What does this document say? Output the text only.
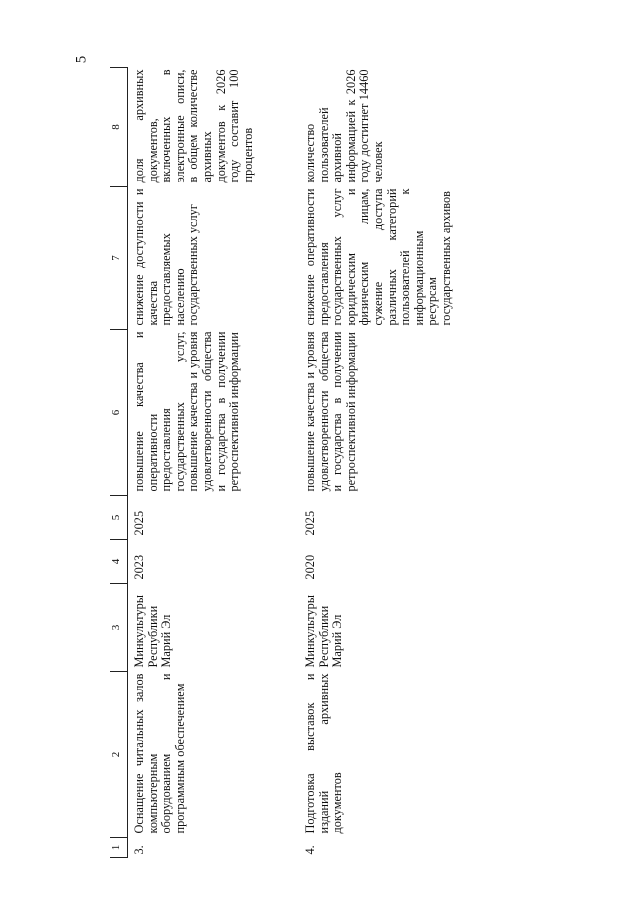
5
1	2	3	4	5	6	7	8
3.	Оснащение читальных залов компьютерным оборудованием и программным обеспечением	Минкультуры Республики Марий Эл	2023	2025	повышение качества и оперативности предоставления государственных услуг, повышение качества и уровня удовлетворенности общества и государства в получении ретроспективной информации	снижение доступности и качества предоставляемых населению государственных услуг	доля архивных документов, включенных в электронные описи, в общем количестве архивных документов к 2026 году составит 100 процентов
4.	Подготовка выставок и изданий архивных документов	Минкультуры Республики Марий Эл	2020	2025	повышение качества и уровня удовлетворенности общества и государства в получении ретроспективной информации	снижение оперативности предоставления государственных услуг юридическим и физическим лицам, сужение доступа различных категорий пользователей к информационным ресурсам государственных архивов	количество пользователей архивной информацией к 2026 году достигнет 14460 человек
